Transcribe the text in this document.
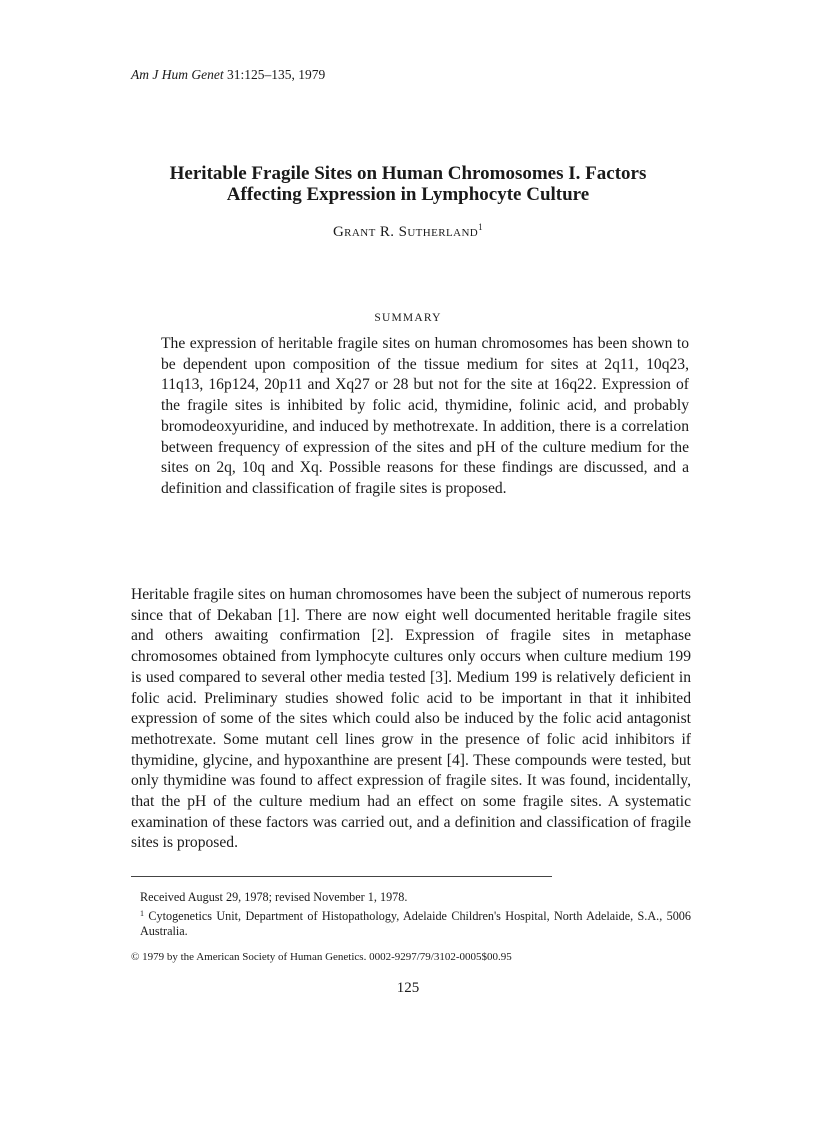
Am J Hum Genet 31:125–135, 1979
Heritable Fragile Sites on Human Chromosomes I. Factors
Affecting Expression in Lymphocyte Culture
Grant R. Sutherland$^1$
SUMMARY
The expression of heritable fragile sites on human chromosomes has been shown to be dependent upon composition of the tissue medium for sites at 2q11, 10q23, 11q13, 16p124, 20p11 and Xq27 or 28 but not for the site at 16q22. Expression of the fragile sites is inhibited by folic acid, thymidine, folinic acid, and probably bromodeoxyuridine, and induced by methotrexate. In addition, there is a correlation between frequency of expression of the sites and pH of the culture medium for the sites on 2q, 10q and Xq. Possible reasons for these findings are discussed, and a definition and classification of fragile sites is proposed.
Heritable fragile sites on human chromosomes have been the subject of numerous reports since that of Dekaban [1]. There are now eight well documented heritable fragile sites and others awaiting confirmation [2]. Expression of fragile sites in metaphase chromosomes obtained from lymphocyte cultures only occurs when culture medium 199 is used compared to several other media tested [3]. Medium 199 is relatively deficient in folic acid. Preliminary studies showed folic acid to be important in that it inhibited expression of some of the sites which could also be induced by the folic acid antagonist methotrexate. Some mutant cell lines grow in the presence of folic acid inhibitors if thymidine, glycine, and hypoxanthine are present [4]. These compounds were tested, but only thymidine was found to affect expression of fragile sites. It was found, incidentally, that the pH of the culture medium had an effect on some fragile sites. A systematic examination of these factors was carried out, and a definition and classification of fragile sites is proposed.
Received August 29, 1978; revised November 1, 1978.
$^1$ Cytogenetics Unit, Department of Histopathology, Adelaide Children's Hospital, North Adelaide, S.A., 5006 Australia.
© 1979 by the American Society of Human Genetics. 0002-9297/79/3102-0005$00.95
125
